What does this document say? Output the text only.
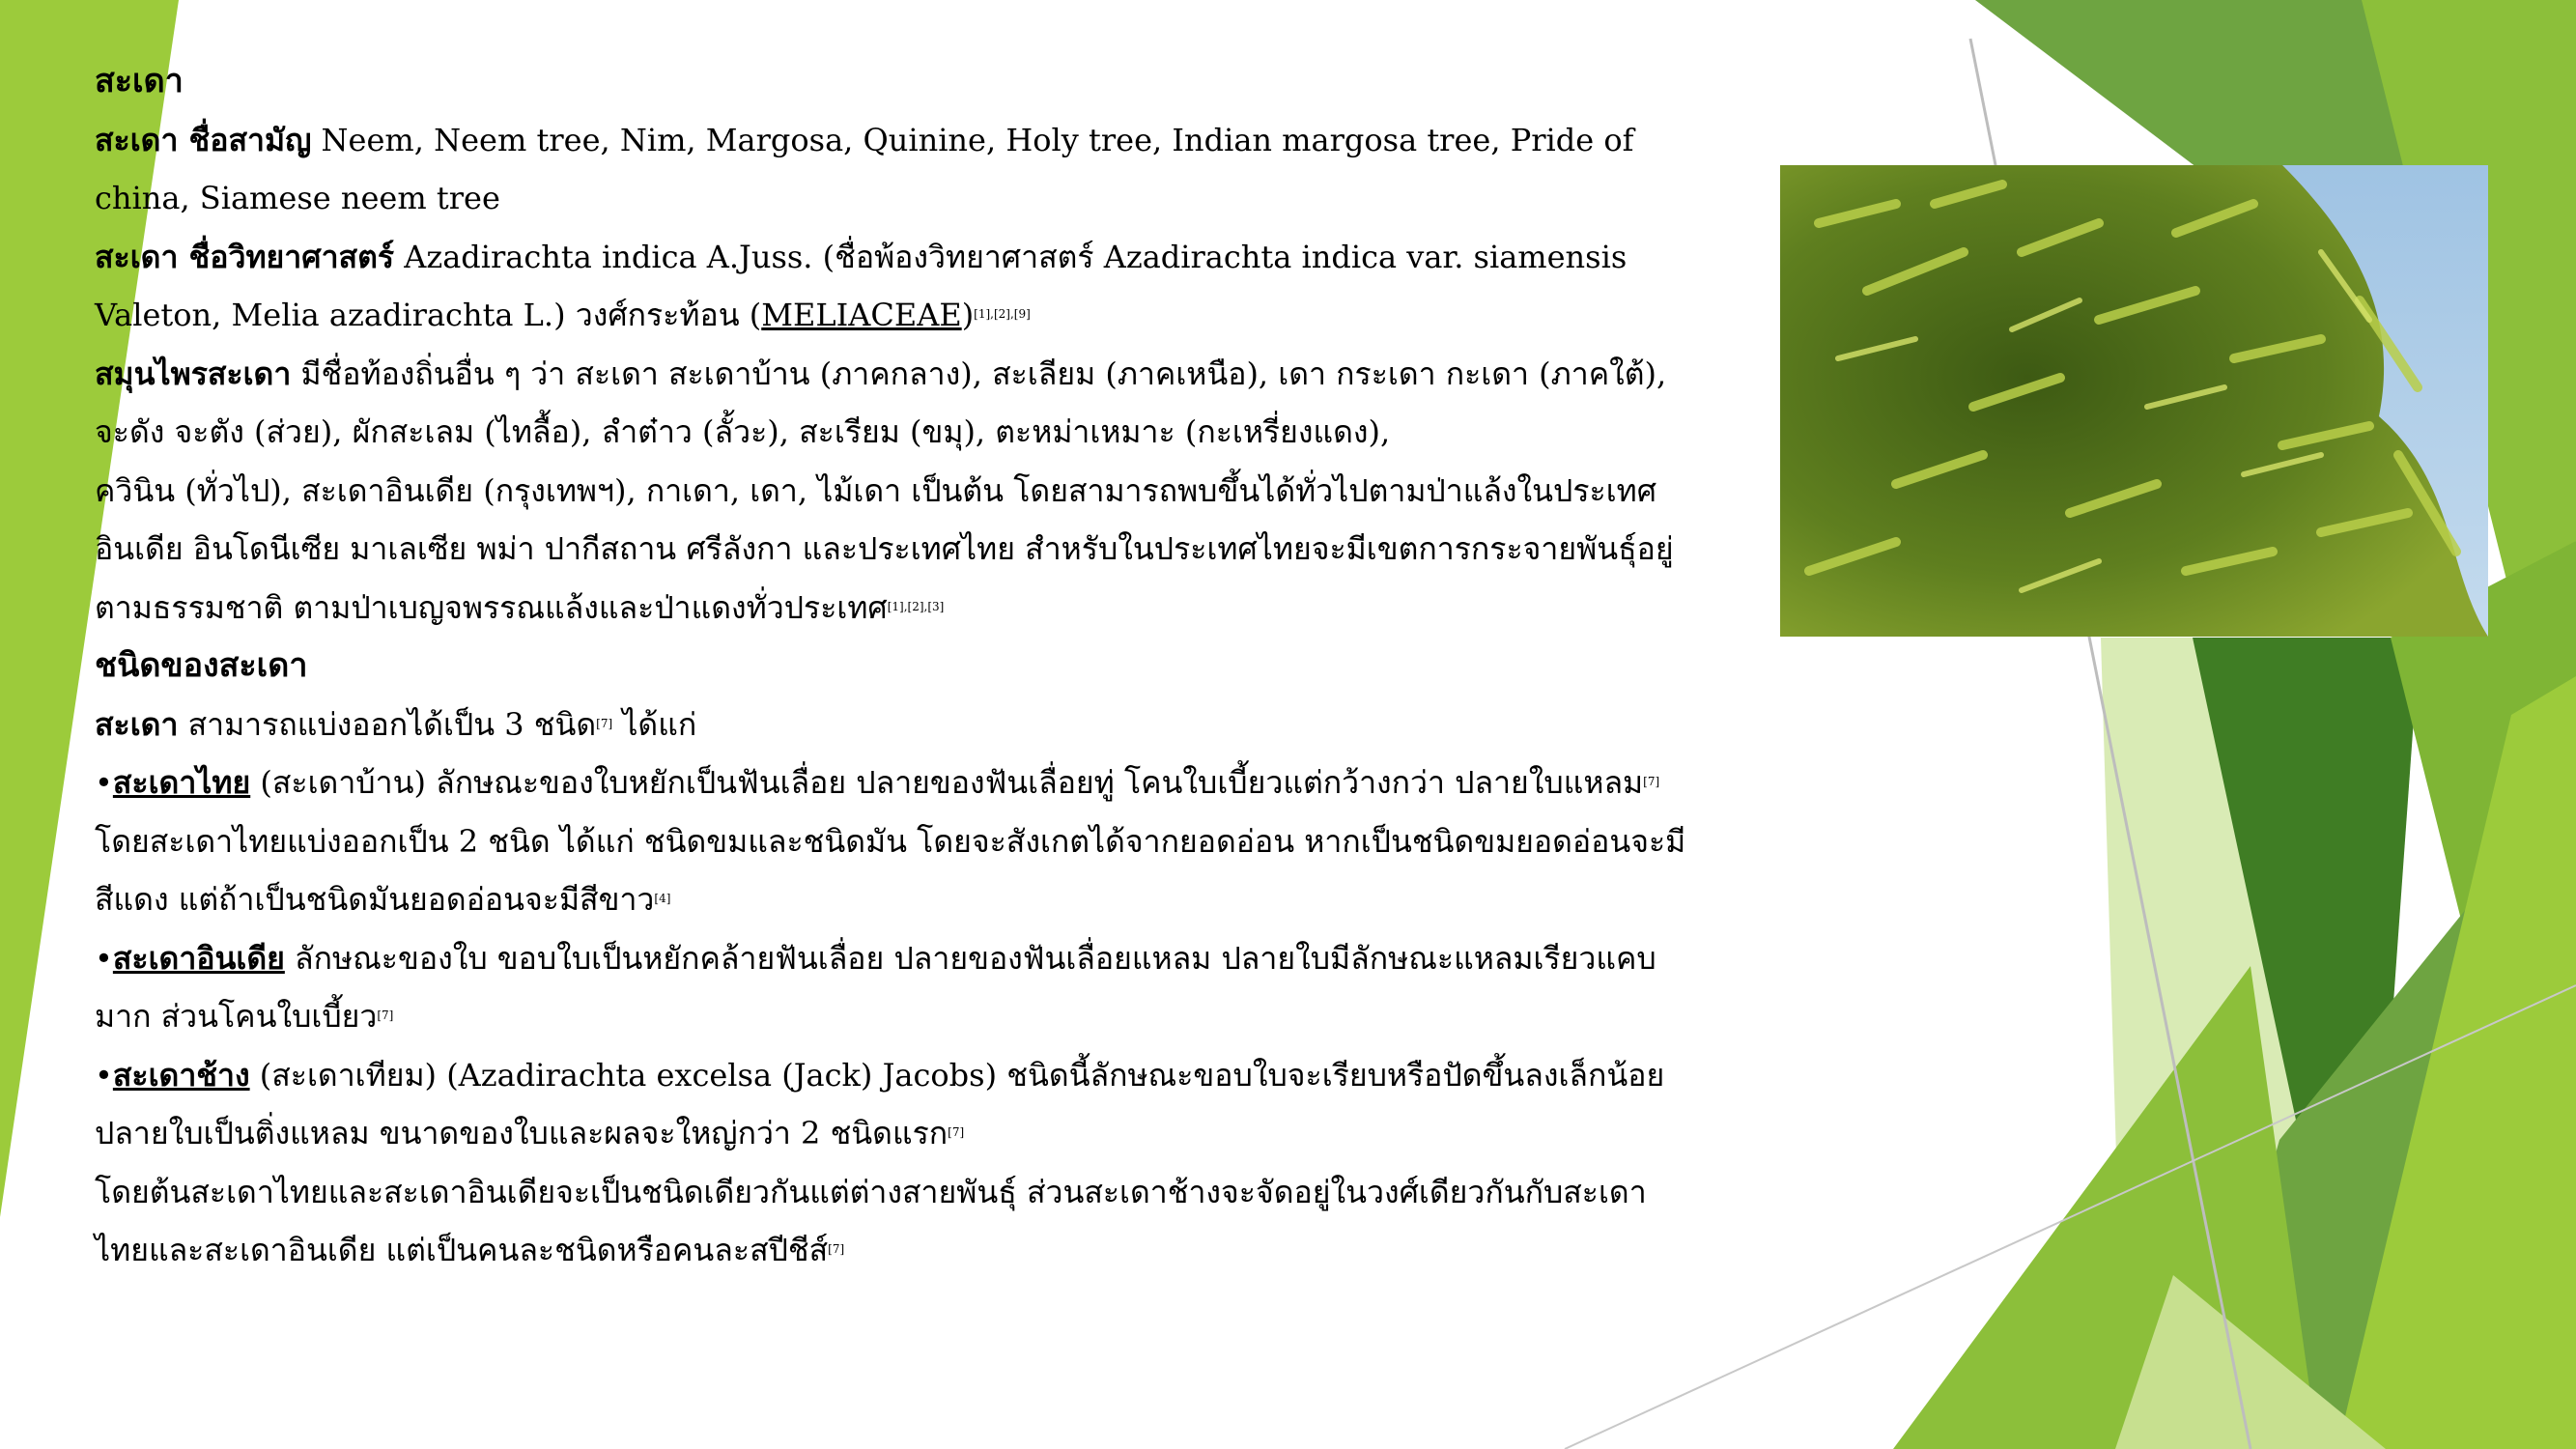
สะเดา

สะเดา ชื่อสามัญ Neem, Neem tree, Nim, Margosa, Quinine, Holy tree, Indian margosa tree, Pride of china, Siamese neem tree

สะเดา ชื่อวิทยาศาสตร์ Azadirachta indica A.Juss. (ชื่อพ้องวิทยาศาสตร์ Azadirachta indica var. siamensis Valeton, Melia azadirachta L.) วงศ์กระท้อน (MELIACEAE)[1],[2],[9]

สมุนไพรสะเดา มีชื่อท้องถิ่นอื่น ๆ ว่า สะเดา สะเดาบ้าน (ภาคกลาง), สะเลียม (ภาคเหนือ), เดา กระเดา กะเดา (ภาคใต้), จะดัง จะตัง (ส่วย), ผักสะเลม (ไทลื้อ), ลำต๋าว (ลั้วะ), สะเรียม (ขมุ), ตะหม่าเหมาะ (กะเหรี่ยงแดง),
ควินิน (ทั่วไป), สะเดาอินเดีย (กรุงเทพฯ), กาเดา, เดา, ไม้เดา เป็นต้น โดยสามารถพบขึ้นได้ทั่วไปตามป่าแล้งในประเทศอินเดีย อินโดนีเซีย มาเลเซีย พม่า ปากีสถาน ศรีลังกา และประเทศไทย สำหรับในประเทศไทยจะมีเขตการกระจายพันธุ์อยู่ตามธรรมชาติ ตามป่าเบญจพรรณแล้งและป่าแดงทั่วประเทศ[1],[2],[3]

ชนิดของสะเดา

สะเดา สามารถแบ่งออกได้เป็น 3 ชนิด[7] ได้แก่

•สะเดาไทย (สะเดาบ้าน) ลักษณะของใบหยักเป็นฟันเลื่อย ปลายของฟันเลื่อยทู่ โคนใบเบี้ยวแต่กว้างกว่า ปลายใบแหลม[7] โดยสะเดาไทยแบ่งออกเป็น 2 ชนิด ได้แก่ ชนิดขมและชนิดมัน โดยจะสังเกตได้จากยอดอ่อน หากเป็นชนิดขมยอดอ่อนจะมีสีแดง แต่ถ้าเป็นชนิดมันยอดอ่อนจะมีสีขาว[4]

•สะเดาอินเดีย ลักษณะของใบ ขอบใบเป็นหยักคล้ายฟันเลื่อย ปลายของฟันเลื่อยแหลม ปลายใบมีลักษณะแหลมเรียวแคบมาก ส่วนโคนใบเบี้ยว[7]

•สะเดาช้าง (สะเดาเทียม) (Azadirachta excelsa (Jack) Jacobs) ชนิดนี้ลักษณะขอบใบจะเรียบหรือปัดขึ้นลงเล็กน้อย ปลายใบเป็นติ่งแหลม ขนาดของใบและผลจะใหญ่กว่า 2 ชนิดแรก[7]

โดยต้นสะเดาไทยและสะเดาอินเดียจะเป็นชนิดเดียวกันแต่ต่างสายพันธุ์ ส่วนสะเดาช้างจะจัดอยู่ในวงศ์เดียวกันกับสะเดาไทยและสะเดาอินเดีย แต่เป็นคนละชนิดหรือคนละสปีชีส์[7]
